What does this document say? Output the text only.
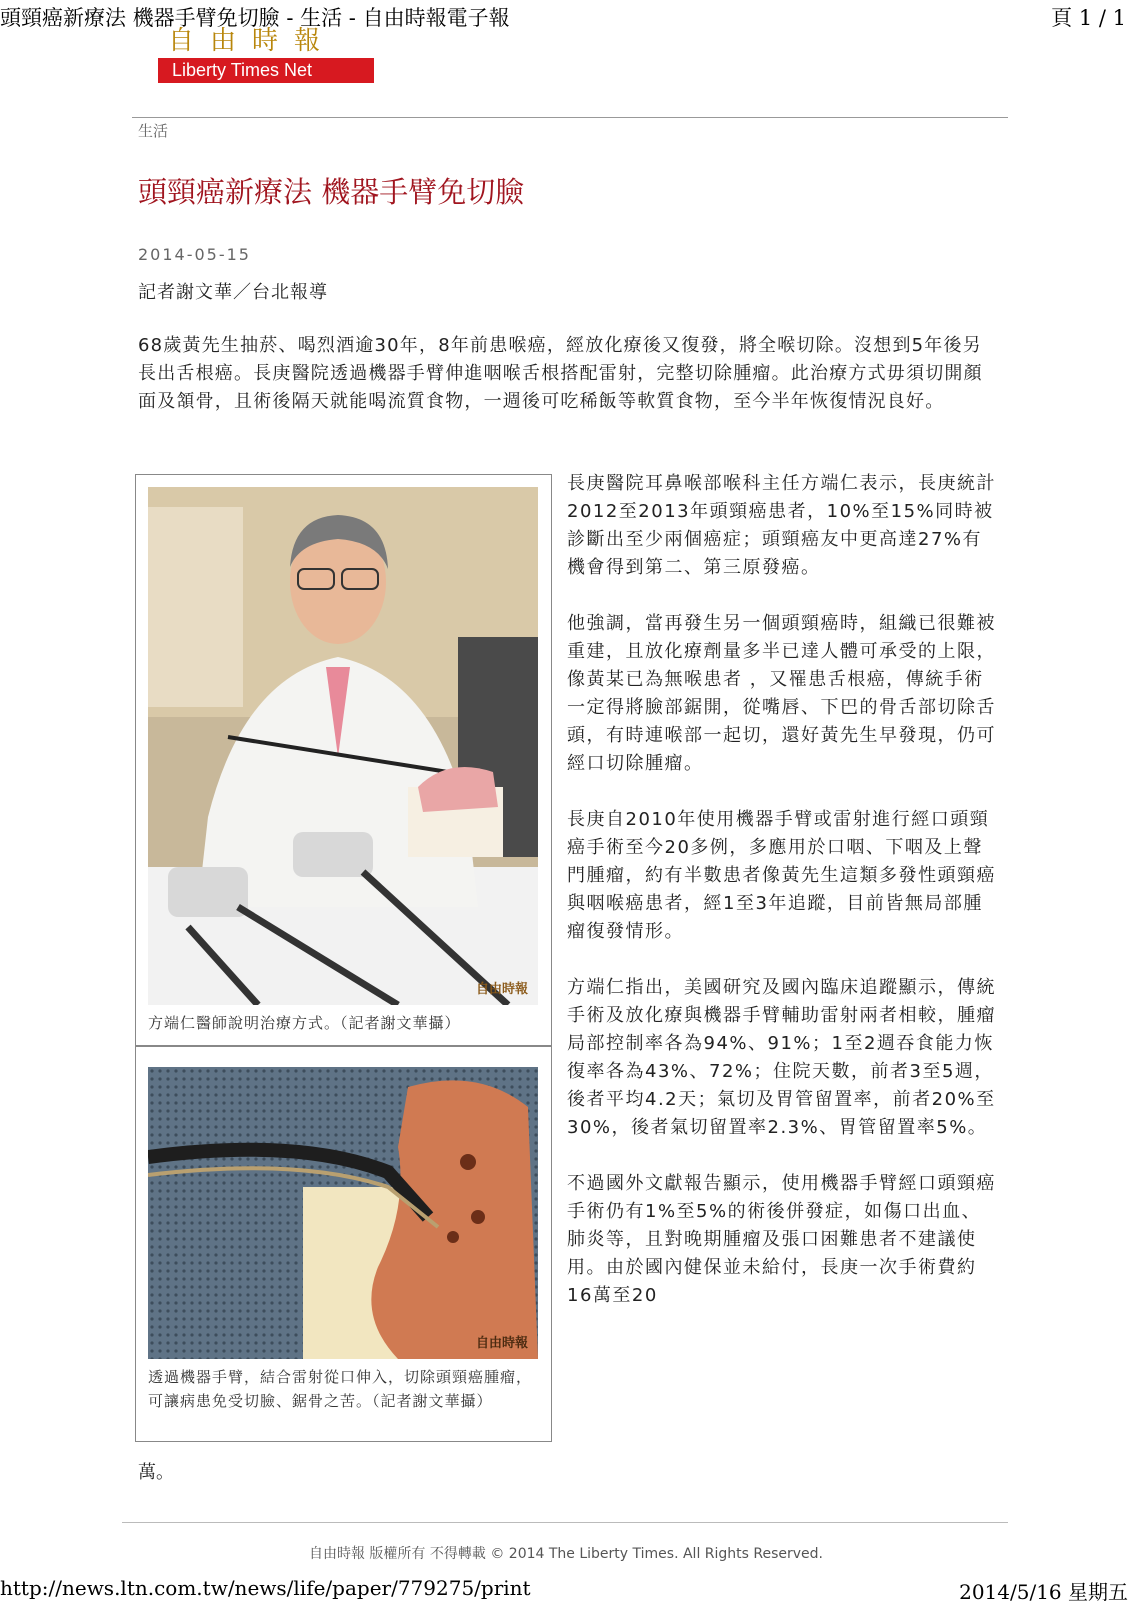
頭頸癌新療法 機器手臂免切臉 - 生活 - 自由時報電子報	頁 1 / 1
自由時報
Liberty Times Net
生活
頭頸癌新療法 機器手臂免切臉
2014-05-15
記者謝文華／台北報導
68歲黃先生抽菸、喝烈酒逾30年，8年前患喉癌，經放化療後又復發，將全喉切除。沒想到5年後另長出舌根癌。長庚醫院透過機器手臂伸進咽喉舌根搭配雷射，完整切除腫瘤。此治療方式毋須切開顏面及頷骨，且術後隔天就能喝流質食物，一週後可吃稀飯等軟質食物，至今半年恢復情況良好。
自由時報
方端仁醫師說明治療方式。（記者謝文華攝）
自由時報
透過機器手臂，結合雷射從口伸入，切除頭頸癌腫瘤，可讓病患免受切臉、鋸骨之苦。（記者謝文華攝）

長庚醫院耳鼻喉部喉科主任方端仁表示，長庚統計2012至2013年頭頸癌患者，10%至15%同時被診斷出至少兩個癌症；頭頸癌友中更高達27%有機會得到第二、第三原發癌。

他強調，當再發生另一個頭頸癌時，組織已很難被重建，且放化療劑量多半已達人體可承受的上限，像黃某已為無喉患者 ，又罹患舌根癌，傳統手術一定得將臉部鋸開，從嘴唇、下巴的骨舌部切除舌頭，有時連喉部一起切，還好黃先生早發現，仍可經口切除腫瘤。

長庚自2010年使用機器手臂或雷射進行經口頭頸癌手術至今20多例，多應用於口咽、下咽及上聲門腫瘤，約有半數患者像黃先生這類多發性頭頸癌與咽喉癌患者，經1至3年追蹤，目前皆無局部腫瘤復發情形。

方端仁指出，美國研究及國內臨床追蹤顯示，傳統手術及放化療與機器手臂輔助雷射兩者相較，腫瘤局部控制率各為94%、91%；1至2週吞食能力恢復率各為43%、72%；住院天數，前者3至5週，後者平均4.2天；氣切及胃管留置率，前者20%至30%，後者氣切留置率2.3%、胃管留置率5%。

不過國外文獻報告顯示，使用機器手臂經口頭頸癌手術仍有1%至5%的術後併發症，如傷口出血、肺炎等，且對晚期腫瘤及張口困難患者不建議使用。由於國內健保並未給付，長庚一次手術費約16萬至20

萬。
自由時報 版權所有 不得轉載 © 2014 The Liberty Times. All Rights Reserved.
http://news.ltn.com.tw/news/life/paper/779275/print	2014/5/16 星期五
